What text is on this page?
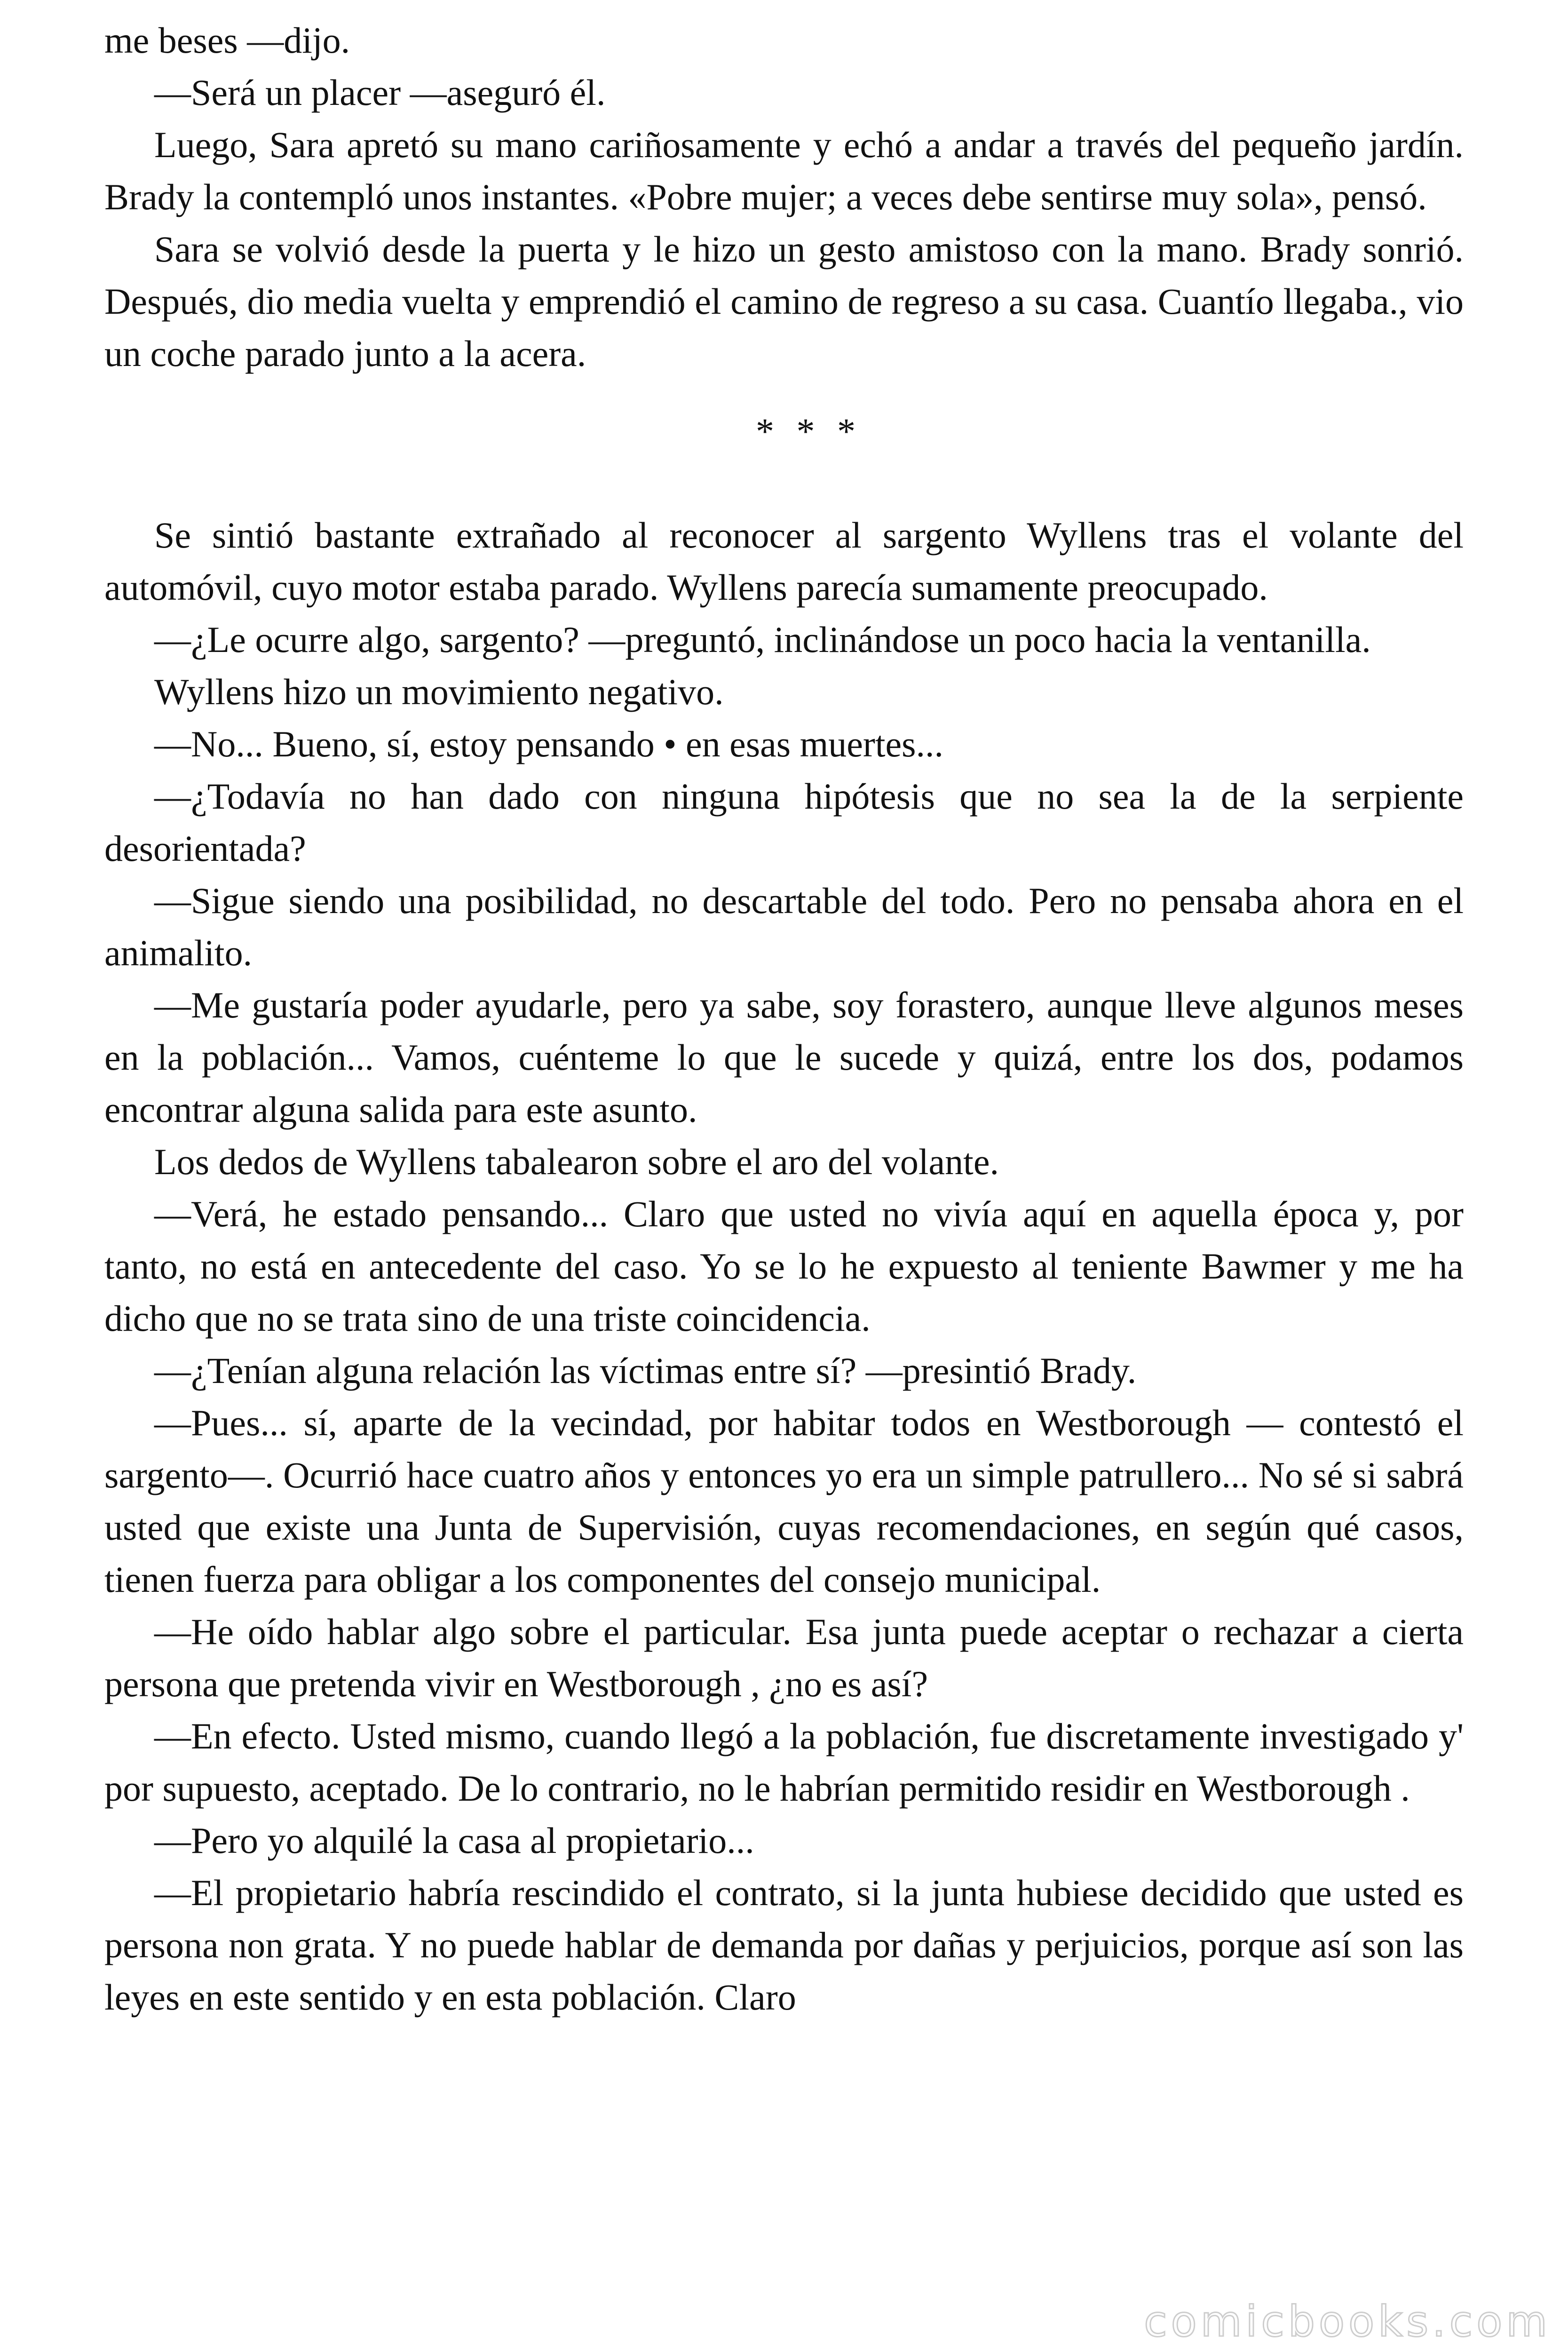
me beses —dijo.

—Será un placer —aseguró él.

Luego, Sara apretó su mano cariñosamente y echó a andar a través del pequeño jardín. Brady la contempló unos instantes. «Pobre mujer; a veces debe sentirse muy sola», pensó.

Sara se volvió desde la puerta y le hizo un gesto amistoso con la mano. Brady sonrió. Después, dio media vuelta y emprendió el camino de regreso a su casa. Cuantío llegaba., vio un coche parado junto a la acera.

* * *

Se sintió bastante extrañado al reconocer al sargento Wyllens tras el volante del automóvil, cuyo motor estaba parado. Wyllens parecía sumamente preocupado.

—¿Le ocurre algo, sargento? —preguntó, inclinándose un poco hacia la ventanilla.

Wyllens hizo un movimiento negativo.

—No... Bueno, sí, estoy pensando • en esas muertes...

—¿Todavía no han dado con ninguna hipótesis que no sea la de la serpiente desorientada?

—Sigue siendo una posibilidad, no descartable del todo. Pero no pensaba ahora en el animalito.

—Me gustaría poder ayudarle, pero ya sabe, soy forastero, aunque lleve algunos meses en la población... Vamos, cuénteme lo que le sucede y quizá, entre los dos, podamos encontrar alguna salida para este asunto.

Los dedos de Wyllens tabalearon sobre el aro del volante.

—Verá, he estado pensando... Claro que usted no vivía aquí en aquella época y, por tanto, no está en antecedente del caso. Yo se lo he expuesto al teniente Bawmer y me ha dicho que no se trata sino de una triste coincidencia.

—¿Tenían alguna relación las víctimas entre sí? —presintió Brady.

—Pues... sí, aparte de la vecindad, por habitar todos en Westborough — contestó el sargento—. Ocurrió hace cuatro años y entonces yo era un simple patrullero... No sé si sabrá usted que existe una Junta de Supervisión, cuyas recomendaciones, en según qué casos, tienen fuerza para obligar a los componentes del consejo municipal.

—He oído hablar algo sobre el particular. Esa junta puede aceptar o rechazar a cierta persona que pretenda vivir en Westborough , ¿no es así?

—En efecto. Usted mismo, cuando llegó a la población, fue discretamente investigado y' por supuesto, aceptado. De lo contrario, no le habrían permitido residir en Westborough .

—Pero yo alquilé la casa al propietario...

—El propietario habría rescindido el contrato, si la junta hubiese decidido que usted es persona non grata. Y no puede hablar de demanda por dañas y perjuicios, porque así son las leyes en este sentido y en esta población. Claro

comicbooks.com
